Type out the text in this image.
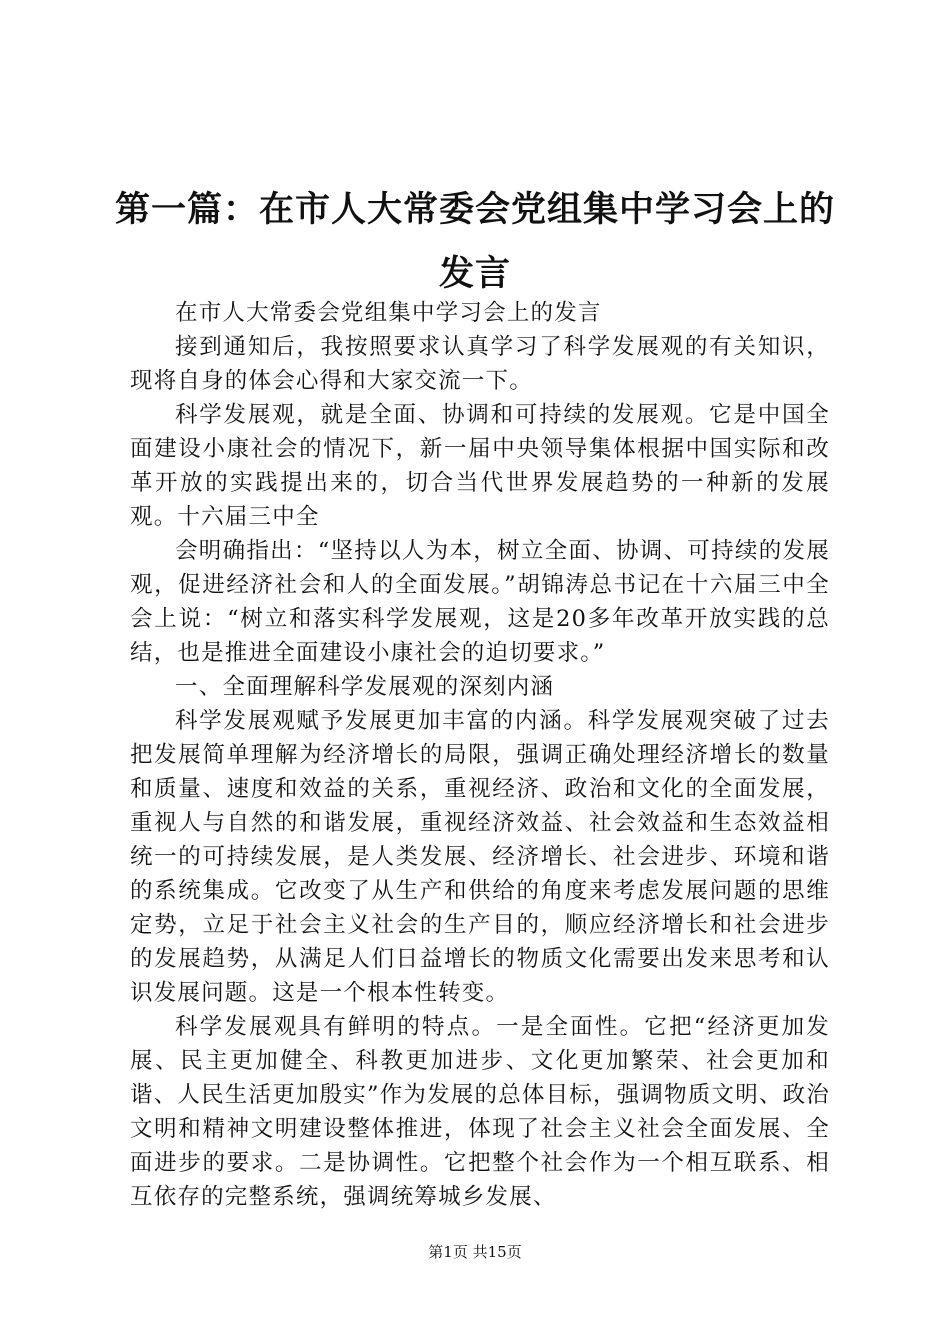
第一篇：在市人大常委会党组集中学习会上的发言

在市人大常委会党组集中学习会上的发言

接到通知后，我按照要求认真学习了科学发展观的有关知识，现将自身的体会心得和大家交流一下。

科学发展观，就是全面、协调和可持续的发展观。它是中国全面建设小康社会的情况下，新一届中央领导集体根据中国实际和改革开放的实践提出来的，切合当代世界发展趋势的一种新的发展观。十六届三中全

会明确指出：“坚持以人为本，树立全面、协调、可持续的发展观，促进经济社会和人的全面发展。”胡锦涛总书记在十六届三中全会上说：“树立和落实科学发展观，这是20多年改革开放实践的总结，也是推进全面建设小康社会的迫切要求。”

一、全面理解科学发展观的深刻内涵

科学发展观赋予发展更加丰富的内涵。科学发展观突破了过去把发展简单理解为经济增长的局限，强调正确处理经济增长的数量和质量、速度和效益的关系，重视经济、政治和文化的全面发展，重视人与自然的和谐发展，重视经济效益、社会效益和生态效益相统一的可持续发展，是人类发展、经济增长、社会进步、环境和谐的系统集成。它改变了从生产和供给的角度来考虑发展问题的思维定势，立足于社会主义社会的生产目的，顺应经济增长和社会进步的发展趋势，从满足人们日益增长的物质文化需要出发来思考和认识发展问题。这是一个根本性转变。

科学发展观具有鲜明的特点。一是全面性。它把“经济更加发展、民主更加健全、科教更加进步、文化更加繁荣、社会更加和谐、人民生活更加殷实”作为发展的总体目标，强调物质文明、政治文明和精神文明建设整体推进，体现了社会主义社会全面发展、全面进步的要求。二是协调性。它把整个社会作为一个相互联系、相互依存的完整系统，强调统筹城乡发展、

第1页 共15页
